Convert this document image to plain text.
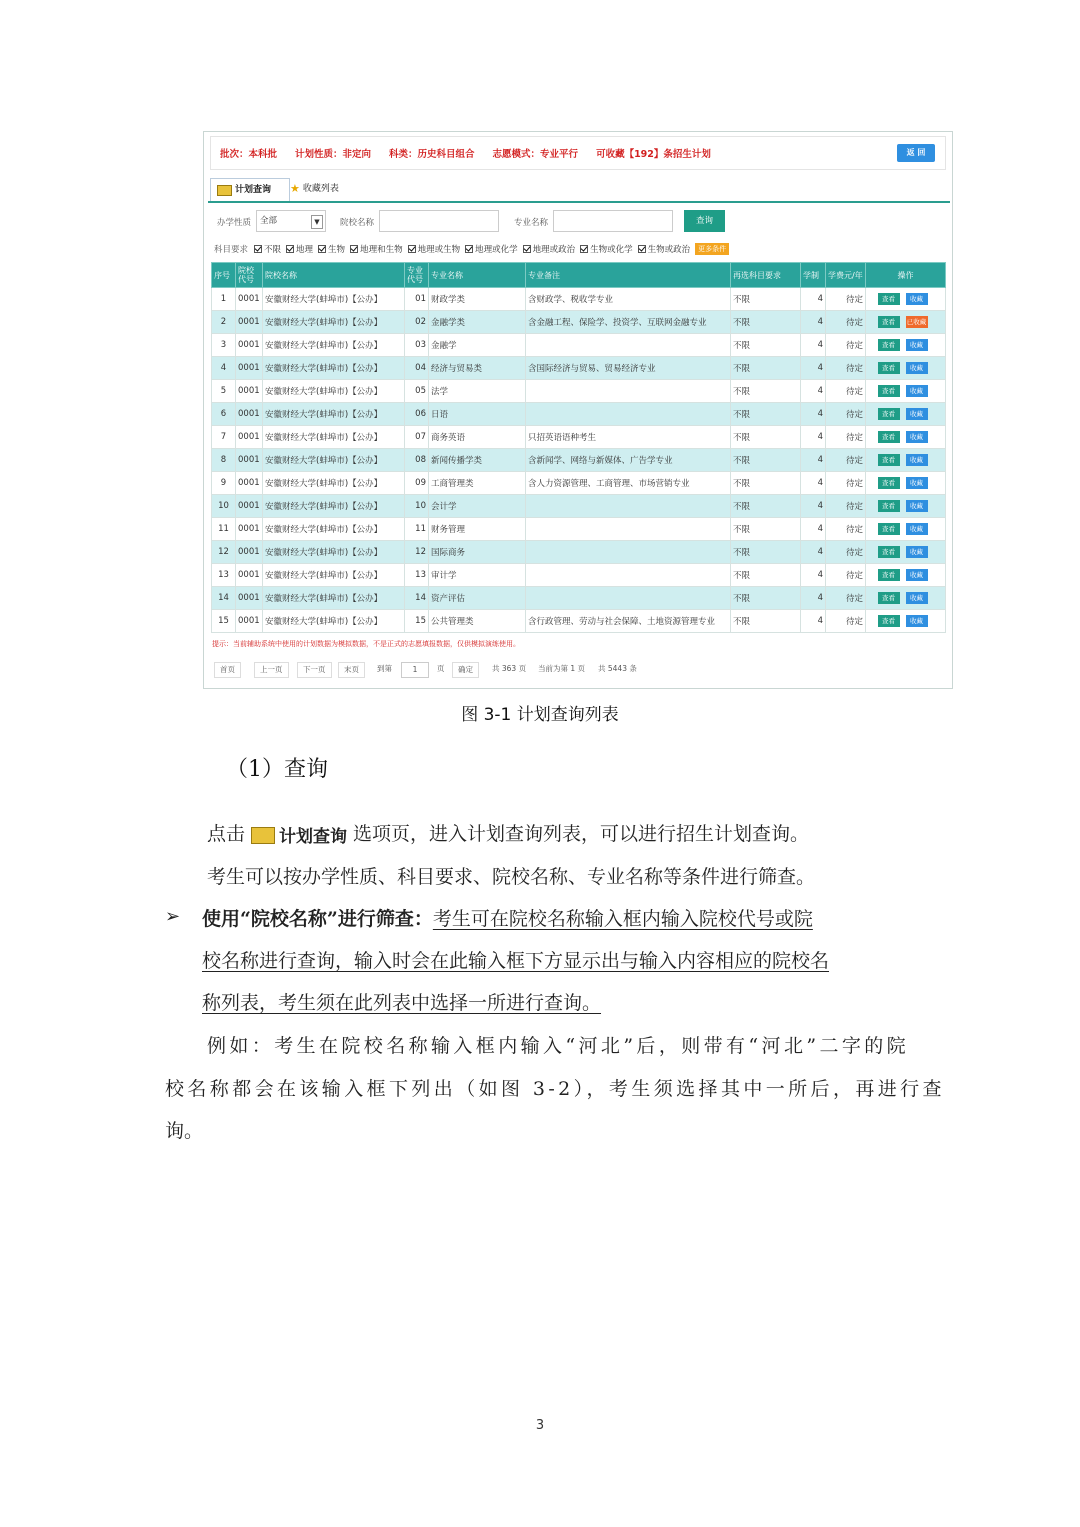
批次：本科批 计划性质：非定向 科类：历史科目组合 志愿模式：专业平行 可收藏【192】条招生计划	返 回
计划查询 ★ 收藏列表
办学性质	全部	▼	院校名称	专业名称	查询
科目要求 不限 地理 生物 地理和生物 地理或生物 地理或化学 地理或政治 生物或化学 生物或政治	更多条件
序号	院校代号	院校名称	专业代号	专业名称	专业备注	再选科目要求	学制	学费元/年	操作
1	0001	安徽财经大学(蚌埠市)【公办】	01	财政学类	含财政学、税收学专业	不限	4	待定	查看 收藏
2	0001	安徽财经大学(蚌埠市)【公办】	02	金融学类	含金融工程、保险学、投资学、互联网金融专业	不限	4	待定	查看 已收藏
3	0001	安徽财经大学(蚌埠市)【公办】	03	金融学		不限	4	待定	查看 收藏
4	0001	安徽财经大学(蚌埠市)【公办】	04	经济与贸易类	含国际经济与贸易、贸易经济专业	不限	4	待定	查看 收藏
5	0001	安徽财经大学(蚌埠市)【公办】	05	法学		不限	4	待定	查看 收藏
6	0001	安徽财经大学(蚌埠市)【公办】	06	日语		不限	4	待定	查看 收藏
7	0001	安徽财经大学(蚌埠市)【公办】	07	商务英语	只招英语语种考生	不限	4	待定	查看 收藏
8	0001	安徽财经大学(蚌埠市)【公办】	08	新闻传播学类	含新闻学、网络与新媒体、广告学专业	不限	4	待定	查看 收藏
9	0001	安徽财经大学(蚌埠市)【公办】	09	工商管理类	含人力资源管理、工商管理、市场营销专业	不限	4	待定	查看 收藏
10	0001	安徽财经大学(蚌埠市)【公办】	10	会计学		不限	4	待定	查看 收藏
11	0001	安徽财经大学(蚌埠市)【公办】	11	财务管理		不限	4	待定	查看 收藏
12	0001	安徽财经大学(蚌埠市)【公办】	12	国际商务		不限	4	待定	查看 收藏
13	0001	安徽财经大学(蚌埠市)【公办】	13	审计学		不限	4	待定	查看 收藏
14	0001	安徽财经大学(蚌埠市)【公办】	14	资产评估		不限	4	待定	查看 收藏
15	0001	安徽财经大学(蚌埠市)【公办】	15	公共管理类	含行政管理、劳动与社会保障、土地资源管理专业	不限	4	待定	查看 收藏
提示：当前辅助系统中使用的计划数据为模拟数据，不是正式的志愿填报数据，仅供模拟演练使用。
首页	上一页	下一页	末页	到第	1	页	确定	共 363 页 当前为第 1 页 共 5443 条
图 3-1 计划查询列表
（1）查询
点击 计划查询 选项页，进入计划查询列表，可以进行招生计划查询。
考生可以按办学性质、科目要求、院校名称、专业名称等条件进行筛查。
➢ 使用“院校名称”进行筛查：考生可在院校名称输入框内输入院校代号或院
校名称进行查询，输入时会在此输入框下方显示出与输入内容相应的院校名
称列表，考生须在此列表中选择一所进行查询。
例如：考生在院校名称输入框内输入“河北”后，则带有“河北”二字的院
校名称都会在该输入框下列出（如图 3-2），考生须选择其中一所后，再进行查
询。
3
